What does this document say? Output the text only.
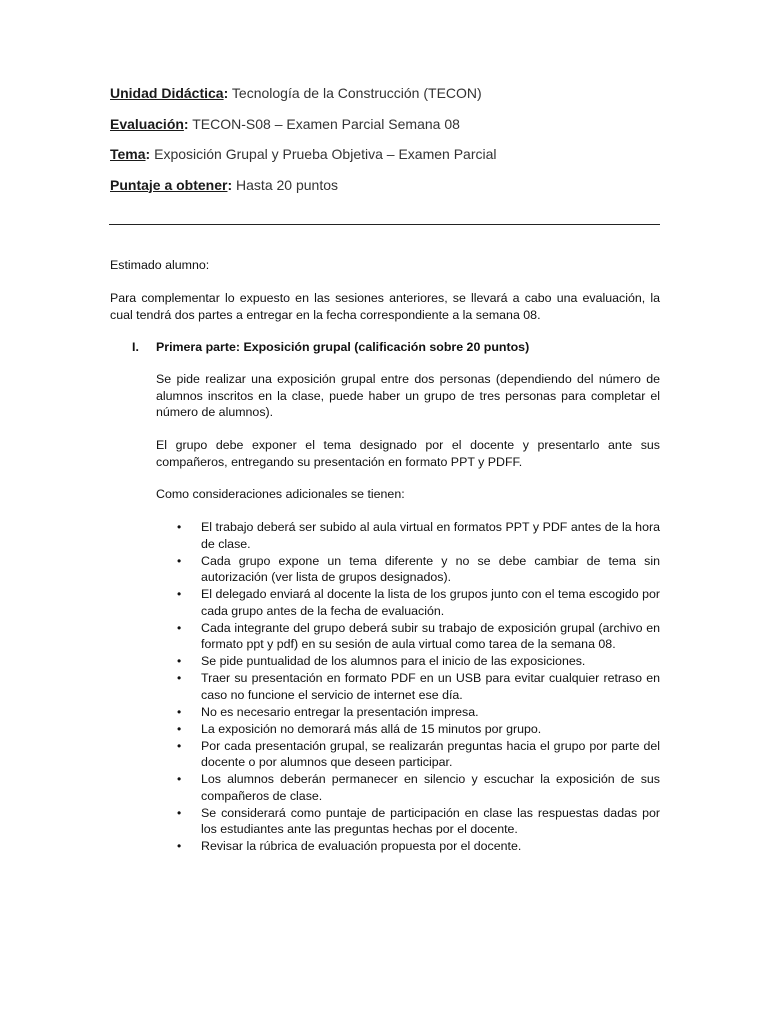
Unidad Didáctica: Tecnología de la Construcción (TECON)
Evaluación: TECON-S08 – Examen Parcial Semana 08
Tema: Exposición Grupal y Prueba Objetiva – Examen Parcial
Puntaje a obtener: Hasta 20 puntos

Estimado alumno:

Para complementar lo expuesto en las sesiones anteriores, se llevará a cabo una evaluación, la cual tendrá dos partes a entregar en la fecha correspondiente a la semana 08.

I.	Primera parte: Exposición grupal (calificación sobre 20 puntos)

Se pide realizar una exposición grupal entre dos personas (dependiendo del número de alumnos inscritos en la clase, puede haber un grupo de tres personas para completar el número de alumnos).

El grupo debe exponer el tema designado por el docente y presentarlo ante sus compañeros, entregando su presentación en formato PPT y PDFF.

Como consideraciones adicionales se tienen:

• El trabajo deberá ser subido al aula virtual en formatos PPT y PDF antes de la hora de clase.
• Cada grupo expone un tema diferente y no se debe cambiar de tema sin autorización (ver lista de grupos designados).
• El delegado enviará al docente la lista de los grupos junto con el tema escogido por cada grupo antes de la fecha de evaluación.
• Cada integrante del grupo deberá subir su trabajo de exposición grupal (archivo en formato ppt y pdf) en su sesión de aula virtual como tarea de la semana 08.
• Se pide puntualidad de los alumnos para el inicio de las exposiciones.
• Traer su presentación en formato PDF en un USB para evitar cualquier retraso en caso no funcione el servicio de internet ese día.
• No es necesario entregar la presentación impresa.
• La exposición no demorará más allá de 15 minutos por grupo.
• Por cada presentación grupal, se realizarán preguntas hacia el grupo por parte del docente o por alumnos que deseen participar.
• Los alumnos deberán permanecer en silencio y escuchar la exposición de sus compañeros de clase.
• Se considerará como puntaje de participación en clase las respuestas dadas por los estudiantes ante las preguntas hechas por el docente.
• Revisar la rúbrica de evaluación propuesta por el docente.
